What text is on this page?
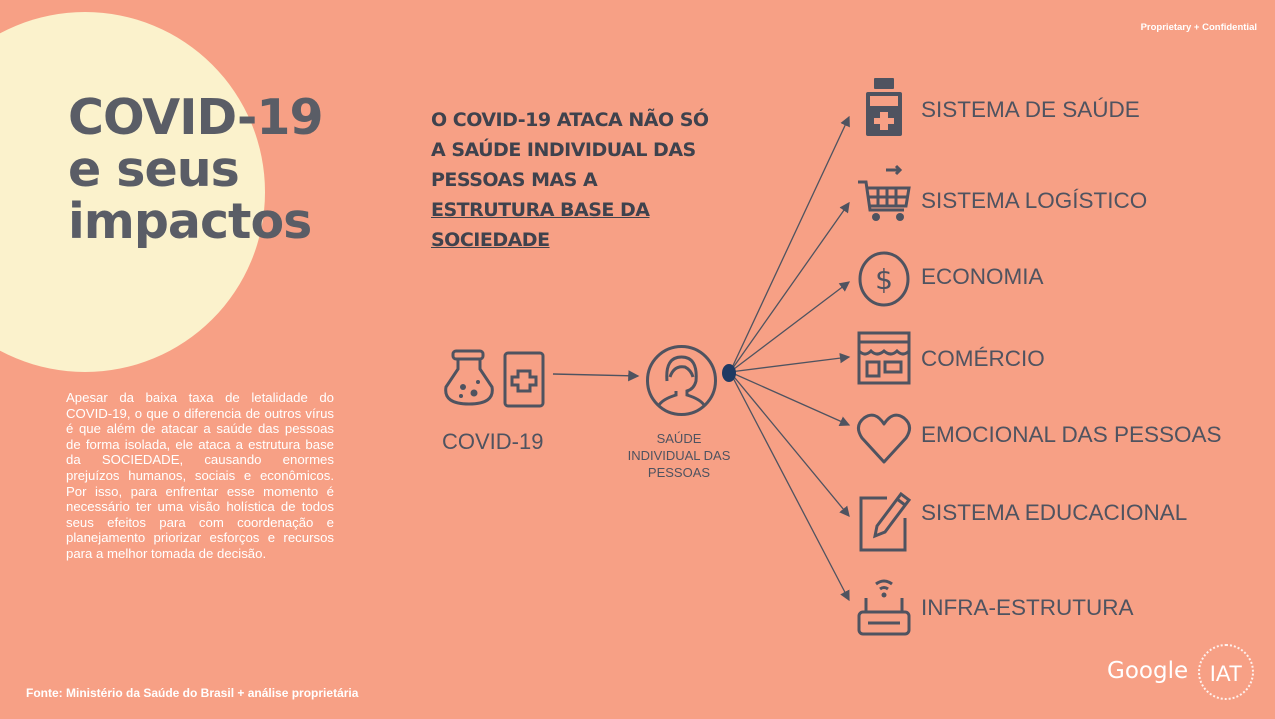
Proprietary + Confidential
COVID-19
e seus
impactos

Apesar da baixa taxa de letalidade do COVID-19, o que o diferencia de outros vírus é que além de atacar a saúde das pessoas de forma isolada, ele ataca a estrutura base da SOCIEDADE, causando enormes prejuízos humanos, sociais e econômicos. Por isso, para enfrentar esse momento é necessário ter uma visão holística de todos seus efeitos para com coordenação e planejamento priorizar esforços e recursos para a melhor tomada de decisão.

Fonte: Ministério da Saúde do Brasil + análise proprietária
O COVID-19 ATACA NÃO SÓ
A SAÚDE INDIVIDUAL DAS
PESSOAS MAS A
ESTRUTURA BASE DA
SOCIEDADE
COVID-19	SAÚDE
INDIVIDUAL DAS
PESSOAS
$
SISTEMA DE SAÚDE
SISTEMA LOGÍSTICO
ECONOMIA
COMÉRCIO
EMOCIONAL DAS PESSOAS
SISTEMA EDUCACIONAL
INFRA-ESTRUTURA
Google IAT
